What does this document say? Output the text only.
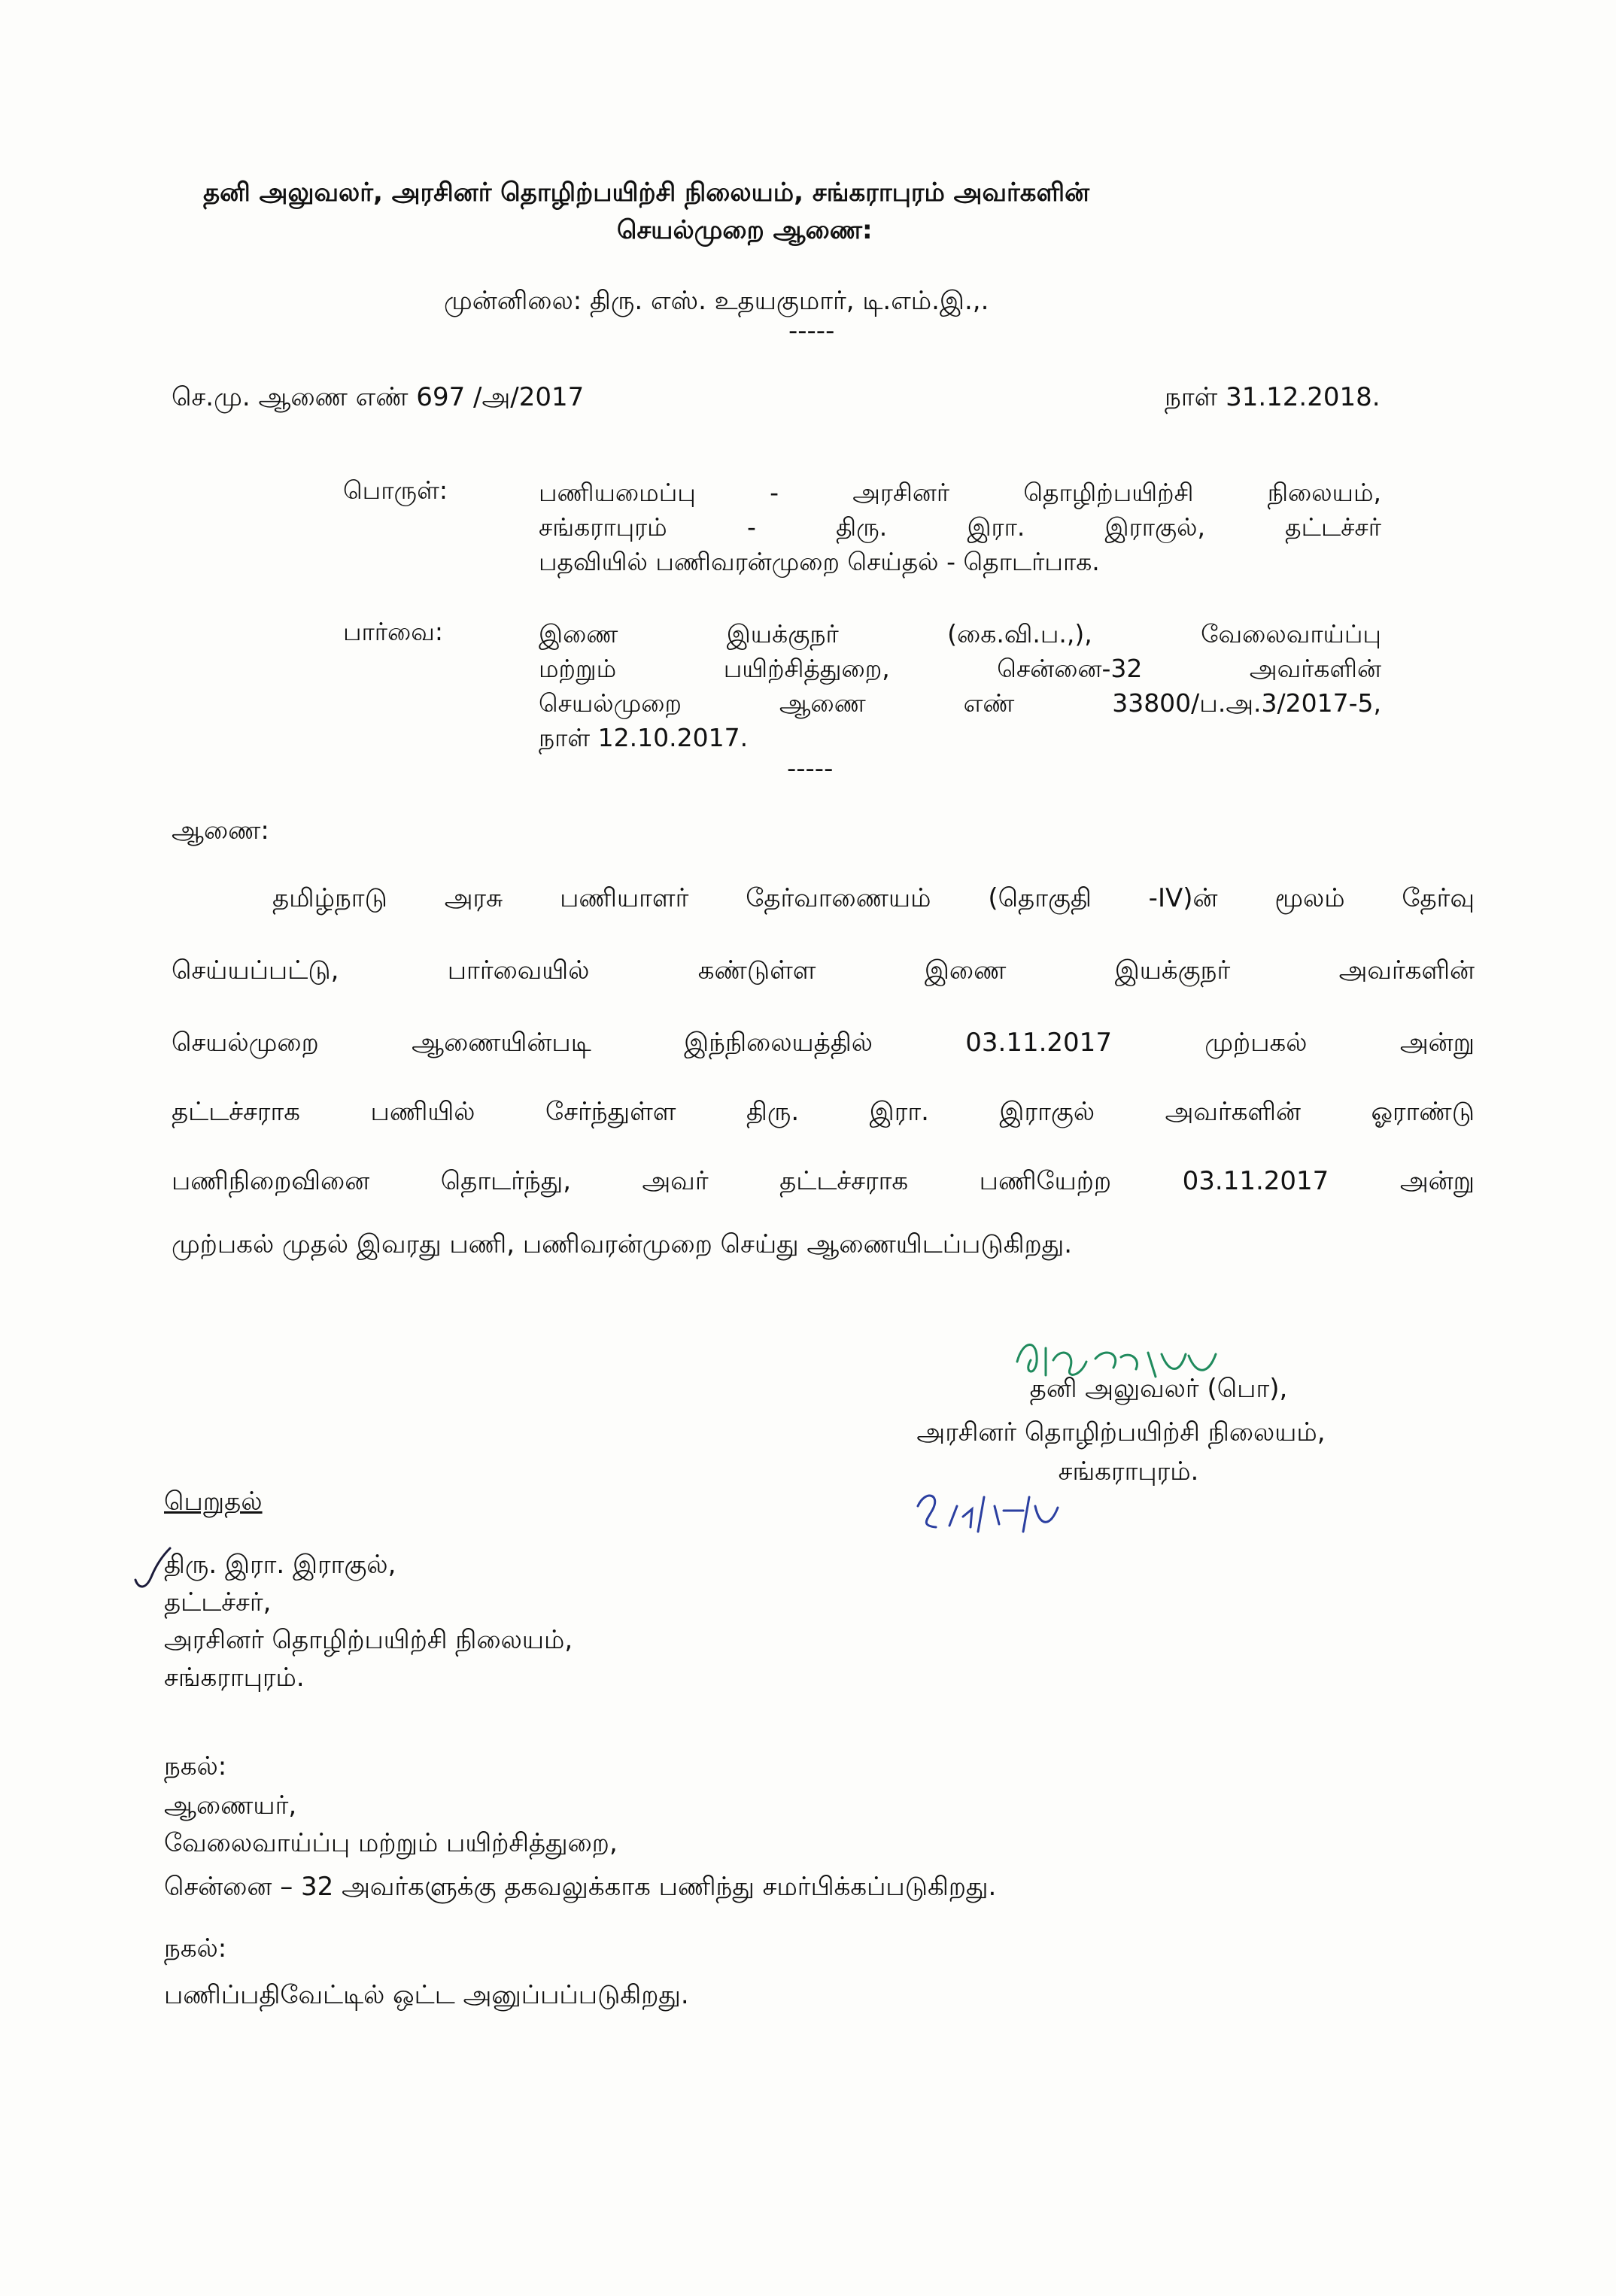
தனி அலுவலர், அரசினர் தொழிற்பயிற்சி நிலையம், சங்கராபுரம் அவர்களின்
செயல்முறை ஆணை:
முன்னிலை: திரு. எஸ். உதயகுமார், டி.எம்.இ.,.
-----
செ.மு. ஆணை எண் 697 /அ/2017	நாள் 31.12.2018.
பொருள்:	பணியமைப்பு - அரசினர் தொழிற்பயிற்சி நிலையம்,
சங்கராபுரம் - திரு. இரா. இராகுல், தட்டச்சர்
பதவியில் பணிவரன்முறை செய்தல் - தொடர்பாக.
பார்வை:	இணை இயக்குநர் (கை.வி.ப.,), வேலைவாய்ப்பு
மற்றும் பயிற்சித்துறை, சென்னை-32 அவர்களின்
செயல்முறை ஆணை எண் 33800/ப.அ.3/2017-5,
நாள் 12.10.2017.
-----
ஆணை:
தமிழ்நாடு அரசு பணியாளர் தேர்வாணையம் (தொகுதி -IV)ன் மூலம் தேர்வு
செய்யப்பட்டு, பார்வையில் கண்டுள்ள இணை இயக்குநர் அவர்களின்
செயல்முறை ஆணையின்படி இந்நிலையத்தில் 03.11.2017 முற்பகல் அன்று
தட்டச்சராக பணியில் சேர்ந்துள்ள திரு. இரா. இராகுல் அவர்களின் ஓராண்டு
பணிநிறைவினை தொடர்ந்து, அவர் தட்டச்சராக பணியேற்ற 03.11.2017 அன்று
முற்பகல் முதல் இவரது பணி, பணிவரன்முறை செய்து ஆணையிடப்படுகிறது.
தனி அலுவலர் (பொ),
அரசினர் தொழிற்பயிற்சி நிலையம்,
சங்கராபுரம்.
பெறுதல்
திரு. இரா. இராகுல்,
தட்டச்சர்,
அரசினர் தொழிற்பயிற்சி நிலையம்,
சங்கராபுரம்.
நகல்:
ஆணையர்,
வேலைவாய்ப்பு மற்றும் பயிற்சித்துறை,
சென்னை – 32 அவர்களுக்கு தகவலுக்காக பணிந்து சமர்பிக்கப்படுகிறது.
நகல்:
பணிப்பதிவேட்டில் ஒட்ட அனுப்பப்படுகிறது.
